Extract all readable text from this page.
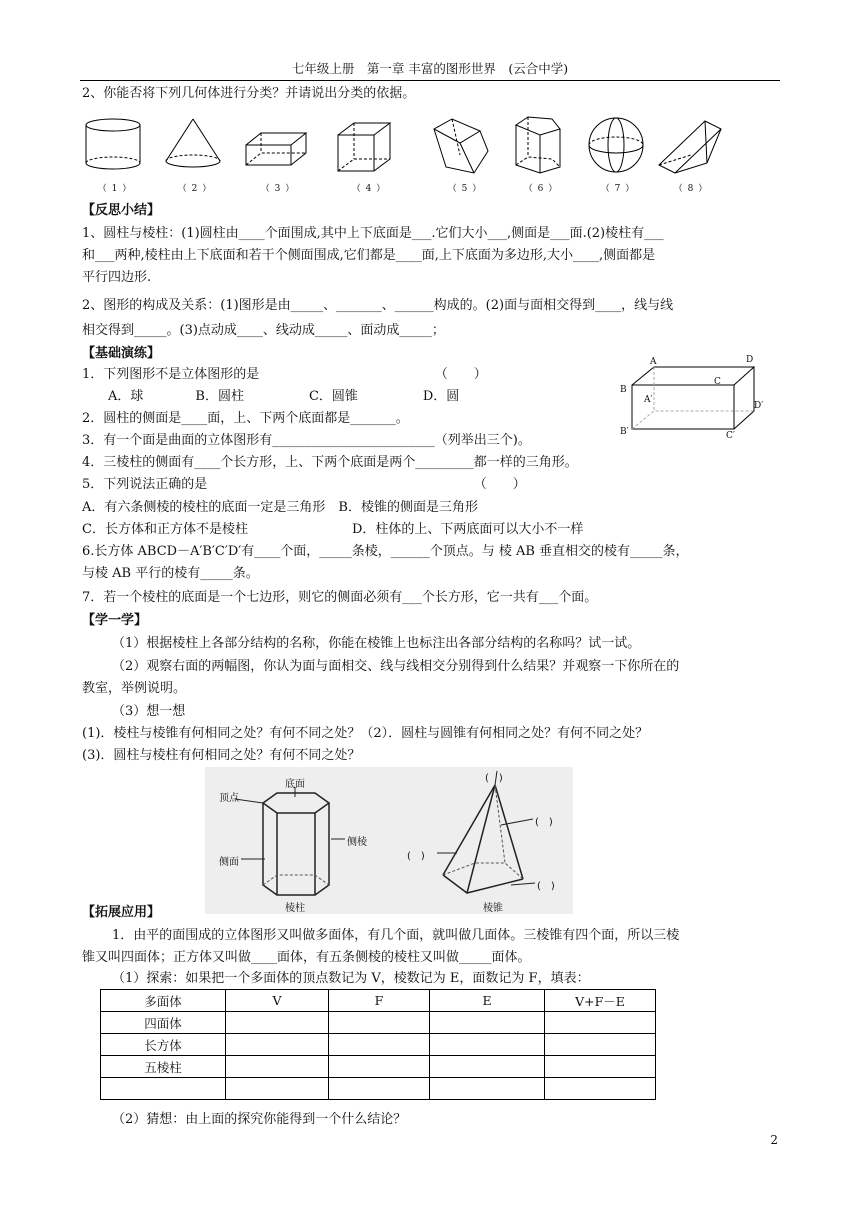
七年级上册　第一章 丰富的图形世界　(云合中学)
2、你能否将下列几何体进行分类？并请说出分类的依据。
（ 1 ）	（ 2 ）	（ 3 ）	（ 4 ）	（ 5 ）	（ 6 ）	（ 7 ）	（ 8 ）
【反思小结】
1、圆柱与棱柱：(1)圆柱由____个面围成,其中上下底面是___.它们大小___,侧面是___面.(2)棱柱有___
和___两种,棱柱由上下底面和若干个侧面围成,它们都是____面,上下底面为多边形,大小____,侧面都是
平行四边形.
2、图形的构成及关系：(1)图形是由_____、_______、______构成的。(2)面与面相交得到____，线与线
相交得到_____。(3)点动成____、线动成_____、面动成_____；
【基础演练】
1．下列图形不是立体图形的是　　　　　　　　　　　　　　（　　）
　　A．球　　　　B．圆柱　　　　　C．圆锥　　　　　D．圆
2．圆柱的侧面是____面，上、下两个底面都是_______。
3．有一个面是曲面的立体图形有_________________________（列举出三个)。
4．三棱柱的侧面有____个长方形，上、下两个底面是两个_________都一样的三角形。
5．下列说法正确的是　　　　　　　　　　　　　　　　　　　　　（　　）
A．有六条侧棱的棱柱的底面一定是三角形　B．棱锥的侧面是三角形
C．长方体和正方体不是棱柱　　　　　　　　D．柱体的上、下两底面可以大小不一样
6.长方体 ABCD－A′B′C′D′有____个面，_____条棱，______个顶点。与 棱 AB 垂直相交的棱有_____条，
与棱 AB 平行的棱有_____条。
7．若一个棱柱的底面是一个七边形，则它的侧面必须有___个长方形，它一共有___个面。
A	D
B
C
A′
D′
B′	C′
【学一学】
（1）根据棱柱上各部分结构的名称，你能在棱锥上也标注出各部分结构的名称吗？试一试。
（2）观察右面的两幅图，你认为面与面相交、线与线相交分别得到什么结果？并观察一下你所在的
教室，举例说明。
（3）想一想
(1)．棱柱与棱锥有何相同之处？有何不同之处？（2）．圆柱与圆锥有何相同之处？有何不同之处？
(3)．圆柱与棱柱有何相同之处？有何不同之处？
顶点
底面
侧棱
侧面
棱柱	棱锥
(　)
(　)
(　)
(　)
【拓展应用】
1．由平的面围成的立体图形又叫做多面体，有几个面，就叫做几面体。三棱锥有四个面，所以三棱
锥又叫四面体；正方体又叫做____面体，有五条侧棱的棱柱又叫做_____面体。
（1）探索：如果把一个多面体的顶点数记为 V，棱数记为 E，面数记为 F，填表：
多面体	V	F	E	V+F－E
四面体				
长方体				
五棱柱				

（2）猜想：由上面的探究你能得到一个什么结论？
2
